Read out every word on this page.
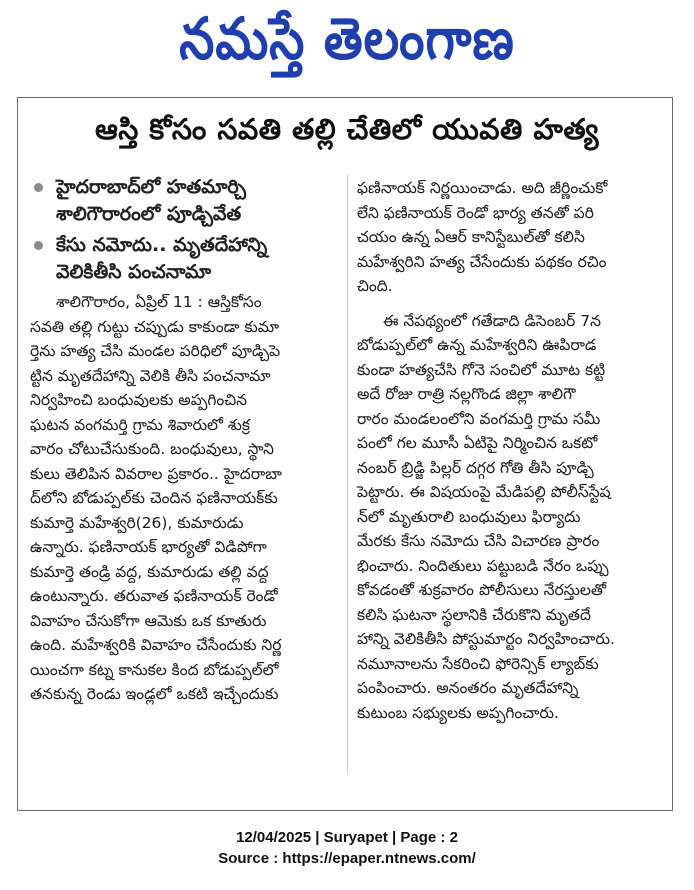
నమస్తే తెలంగాణ
ఆస్తి కోసం సవతి తల్లి చేతిలో యువతి హత్య
హైదరాబాద్‌లో హతమార్చి
శాలిగౌరారంలో పూడ్చివేత
కేసు నమోదు.. మృతదేహాన్ని
వెలికితీసి పంచనామా
శాలిగౌరారం, ఏప్రిల్ 11 : ఆస్తికోసం
సవతి తల్లి గుట్టు చప్పుడు కాకుండా కుమా
ర్తెను హత్య చేసి మండల పరిధిలో పూడ్చిపె
ట్టిన మృతదేహాన్ని వెలికి తీసి పంచనామా
నిర్వహించి బంధువులకు అప్పగించిన
ఘటన వంగమర్తి గ్రామ శివారులో శుక్ర
వారం చోటుచేసుకుంది. బంధువులు, స్థాని
కులు తెలిపిన వివరాల ప్రకారం.. హైదరాబా
ద్‌లోని బోడుప్పల్‌కు చెందిన ఫణినాయక్‌కు
కుమార్తె మహేశ్వరి(26), కుమారుడు
ఉన్నారు. ఫణినాయక్ భార్యతో విడిపోగా
కుమార్తె తండ్రి వద్ద, కుమారుడు తల్లి వద్ద
ఉంటున్నారు. తరువాత ఫణినాయక్ రెండో
వివాహం చేసుకోగా ఆమెకు ఒక కూతురు
ఉంది. మహేశ్వరికి వివాహం చేసేందుకు నిర్ణ
యించగా కట్న కానుకల కింద బోడుప్పల్‌లో
తనకున్న రెండు ఇండ్లలో ఒకటి ఇచ్చేందుకు
ఫణినాయక్ నిర్ణయించాడు. అది జీర్ణించుకో
లేని ఫణినాయక్ రెండో భార్య తనతో పరి
చయం ఉన్న ఏఆర్ కానిస్టేబుల్‌తో కలిసి
మహేశ్వరిని హత్య చేసేందుకు పథకం రచిం
చింది.
ఈ నేపథ్యంలో గతేడాది డిసెంబర్ 7న
బోడుప్పల్‌లో ఉన్న మహేశ్వరిని ఊపిరాడ
కుండా హత్యచేసి గోనె సంచిలో మూట కట్టి
అదే రోజు రాత్రి నల్లగొండ జిల్లా శాలిగౌ
రారం మండలంలోని వంగమర్తి గ్రామ సమీ
పంలో గల మూసీ ఏటిపై నిర్మించిన ఒకటో
నంబర్ బ్రిడ్జి పిల్లర్ దగ్గర గోతి తీసి పూడ్చి
పెట్టారు. ఈ విషయంపై మేడిపల్లి పోలీస్‌స్టేష
న్‌లో మృతురాలి బంధువులు ఫిర్యాదు
మేరకు కేసు నమోదు చేసి విచారణ ప్రారం
భించారు. నిందితులు పట్టుబడి నేరం ఒప్పు
కోవడంతో శుక్రవారం పోలీసులు నేరస్తులతో
కలిసి ఘటనా స్థలానికి చేరుకొని మృతదే
హాన్ని వెలికితీసి పోస్టుమార్టం నిర్వహించారు.
నమూనాలను సేకరించి ఫోరెన్సిక్ ల్యాబ్‌కు
పంపించారు. అనంతరం మృతదేహాన్ని
కుటుంబ సభ్యులకు అప్పగించారు.
12/04/2025 | Suryapet | Page : 2
Source : https://epaper.ntnews.com/
